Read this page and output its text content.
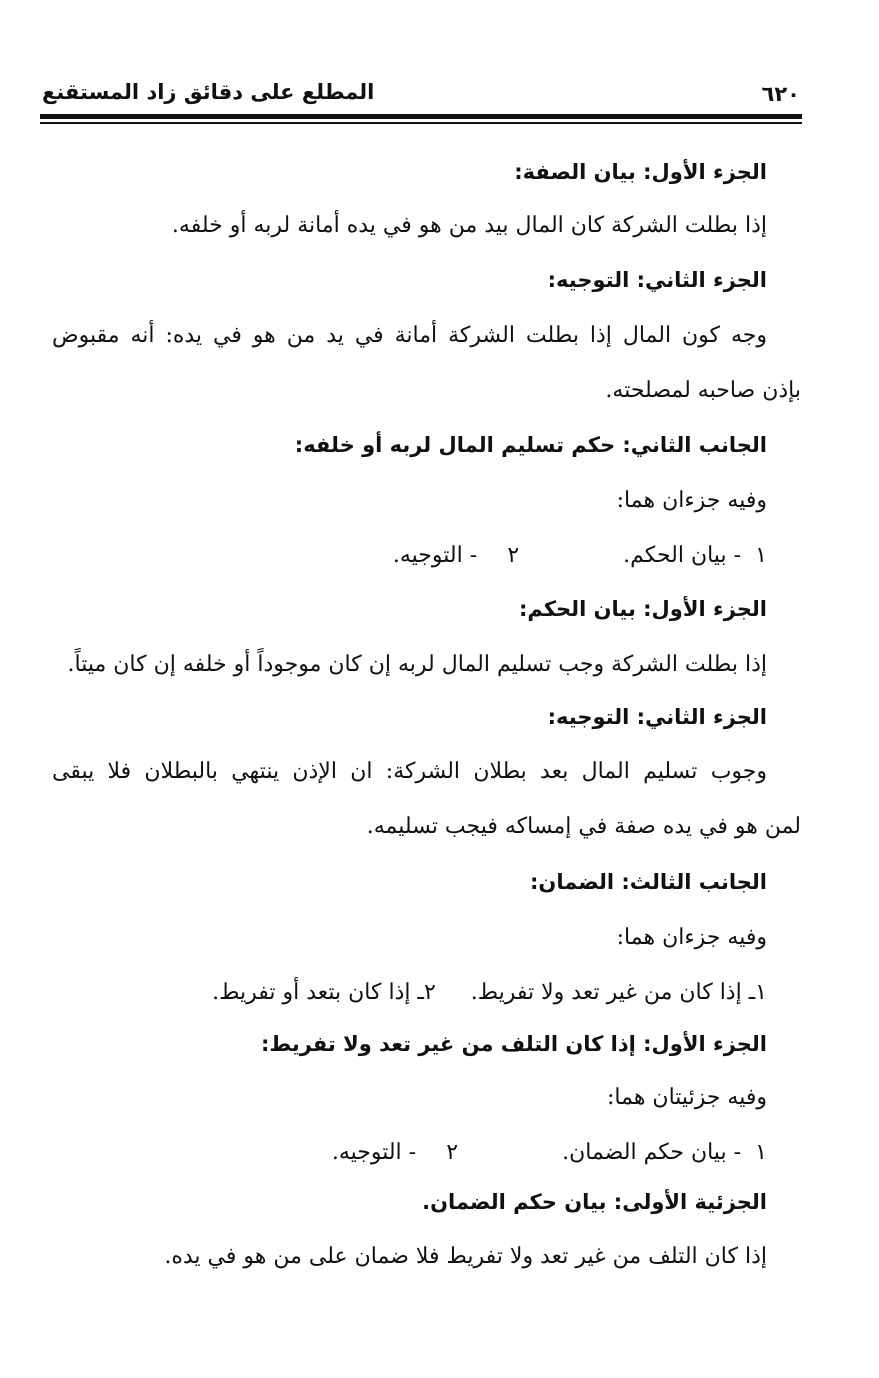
٦٢٠
المطلع على دقائق زاد المستقنع
الجزء الأول: بيان الصفة:
إذا بطلت الشركة كان المال بيد من هو في يده أمانة لربه أو خلفه.
الجزء الثاني: التوجيه:
وجه كون المال إذا بطلت الشركة أمانة في يد من هو في يده: أنه مقبوض
بإذن صاحبه لمصلحته.
الجانب الثاني: حكم تسليم المال لربه أو خلفه:
وفيه جزءان هما:
١- بيان الحكم.٢- التوجيه.
الجزء الأول: بيان الحكم:
إذا بطلت الشركة وجب تسليم المال لربه إن كان موجوداً أو خلفه إن كان ميتاً.
الجزء الثاني: التوجيه:
وجوب تسليم المال بعد بطلان الشركة: ان الإذن ينتهي بالبطلان فلا يبقى
لمن هو في يده صفة في إمساكه فيجب تسليمه.
الجانب الثالث: الضمان:
وفيه جزءان هما:
١ـ إذا كان من غير تعد ولا تفريط.     ٢ـ إذا كان بتعد أو تفريط.
الجزء الأول: إذا كان التلف من غير تعد ولا تفريط:
وفيه جزئيتان هما:
١- بيان حكم الضمان.٢- التوجيه.
الجزئية الأولى: بيان حكم الضمان.
إذا كان التلف من غير تعد ولا تفريط فلا ضمان على من هو في يده.
